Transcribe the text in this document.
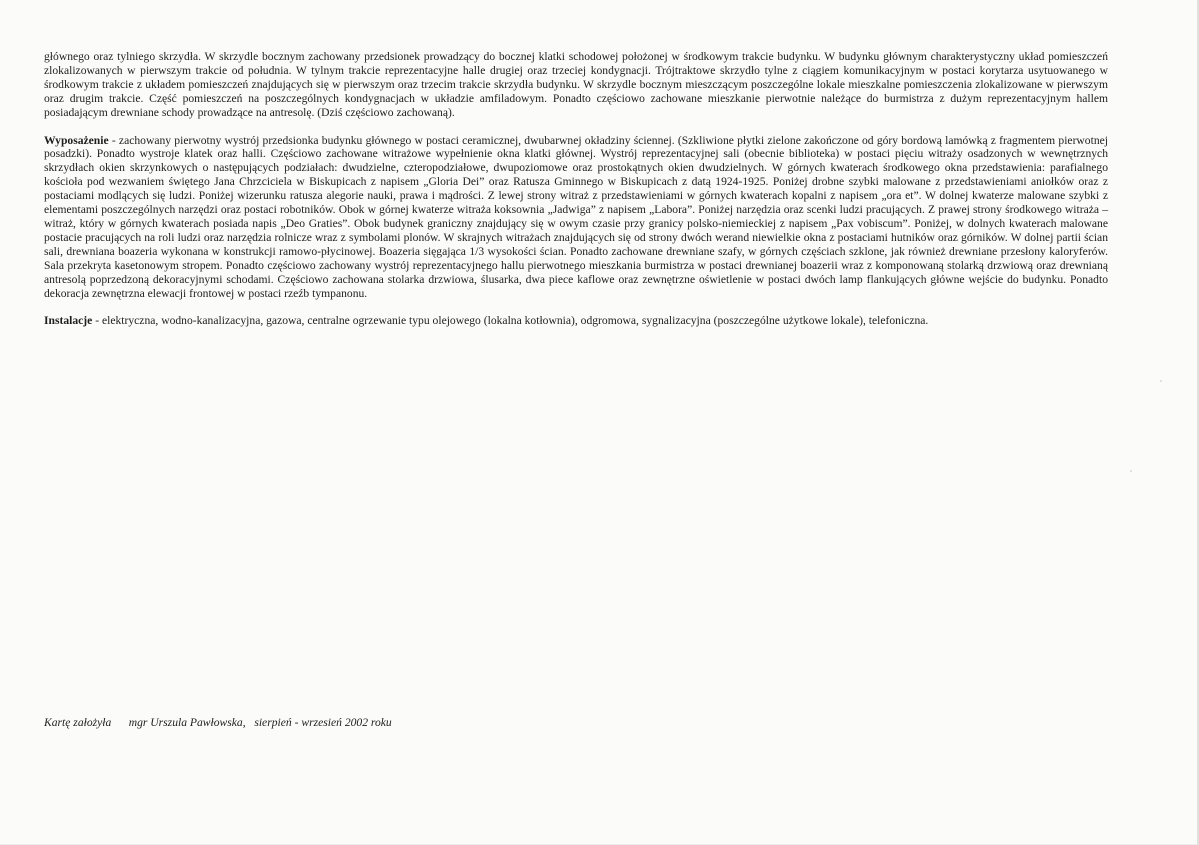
głównego oraz tylniego skrzydła. W skrzydle bocznym zachowany przedsionek prowadzący do bocznej klatki schodowej położonej w środkowym trakcie budynku. W budynku głównym charakterystyczny układ pomieszczeń zlokalizowanych w pierwszym trakcie od południa. W tylnym trakcie reprezentacyjne halle drugiej oraz trzeciej kondygnacji. Trójtraktowe skrzydło tylne z ciągiem komunikacyjnym w postaci korytarza usytuowanego w środkowym trakcie z układem pomieszczeń znajdujących się w pierwszym oraz trzecim trakcie skrzydła budynku. W skrzydle bocznym mieszczącym poszczególne lokale mieszkalne pomieszczenia zlokalizowane w pierwszym oraz drugim trakcie. Część pomieszczeń na poszczególnych kondygnacjach w układzie amfiladowym. Ponadto częściowo zachowane mieszkanie pierwotnie należące do burmistrza z dużym reprezentacyjnym hallem posiadającym drewniane schody prowadzące na antresolę. (Dziś częściowo zachowaną).

Wyposażenie - zachowany pierwotny wystrój przedsionka budynku głównego w postaci ceramicznej, dwubarwnej okładziny ściennej. (Szkliwione płytki zielone zakończone od góry bordową lamówką z fragmentem pierwotnej posadzki). Ponadto wystroje klatek oraz halli. Częściowo zachowane witrażowe wypełnienie okna klatki głównej. Wystrój reprezentacyjnej sali (obecnie biblioteka) w postaci pięciu witraży osadzonych w wewnętrznych skrzydłach okien skrzynkowych o następujących podziałach: dwudzielne, czteropodziałowe, dwupoziomowe oraz prostokątnych okien dwudzielnych. W górnych kwaterach środkowego okna przedstawienia: parafialnego kościoła pod wezwaniem świętego Jana Chrzciciela w Biskupicach z napisem „Gloria Dei” oraz Ratusza Gminnego w Biskupicach z datą 1924-1925. Poniżej drobne szybki malowane z przedstawieniami aniołków oraz z postaciami modlących się ludzi. Poniżej wizerunku ratusza alegorie nauki, prawa i mądrości. Z lewej strony witraż z przedstawieniami w górnych kwaterach kopalni z napisem „ora et”. W dolnej kwaterze malowane szybki z elementami poszczególnych narzędzi oraz postaci robotników. Obok w górnej kwaterze witraża koksownia „Jadwiga” z napisem „Labora”. Poniżej narzędzia oraz scenki ludzi pracujących. Z prawej strony środkowego witraża – witraż, który w górnych kwaterach posiada napis „Deo Graties”. Obok budynek graniczny znajdujący się w owym czasie przy granicy polsko-niemieckiej z napisem „Pax vobiscum”. Poniżej, w dolnych kwaterach malowane postacie pracujących na roli ludzi oraz narzędzia rolnicze wraz z symbolami plonów. W skrajnych witrażach znajdujących się od strony dwóch werand niewielkie okna z postaciami hutników oraz górników. W dolnej partii ścian sali, drewniana boazeria wykonana w konstrukcji ramowo-płycinowej. Boazeria sięgająca 1/3 wysokości ścian. Ponadto zachowane drewniane szafy, w górnych częściach szklone, jak również drewniane przesłony kaloryferów. Sala przekryta kasetonowym stropem. Ponadto częściowo zachowany wystrój reprezentacyjnego hallu pierwotnego mieszkania burmistrza w postaci drewnianej boazerii wraz z komponowaną stolarką drzwiową oraz drewnianą antresolą poprzedzoną dekoracyjnymi schodami. Częściowo zachowana stolarka drzwiowa, ślusarka, dwa piece kaflowe oraz zewnętrzne oświetlenie w postaci dwóch lamp flankujących główne wejście do budynku. Ponadto dekoracja zewnętrzna elewacji frontowej w postaci rzeźb tympanonu.

Instalacje - elektryczna, wodno-kanalizacyjna, gazowa, centralne ogrzewanie typu olejowego (lokalna kotłownia), odgromowa, sygnalizacyjna (poszczególne użytkowe lokale), telefoniczna.

Kartę założyła mgr Urszula Pawłowska, sierpień - wrzesień 2002 roku
